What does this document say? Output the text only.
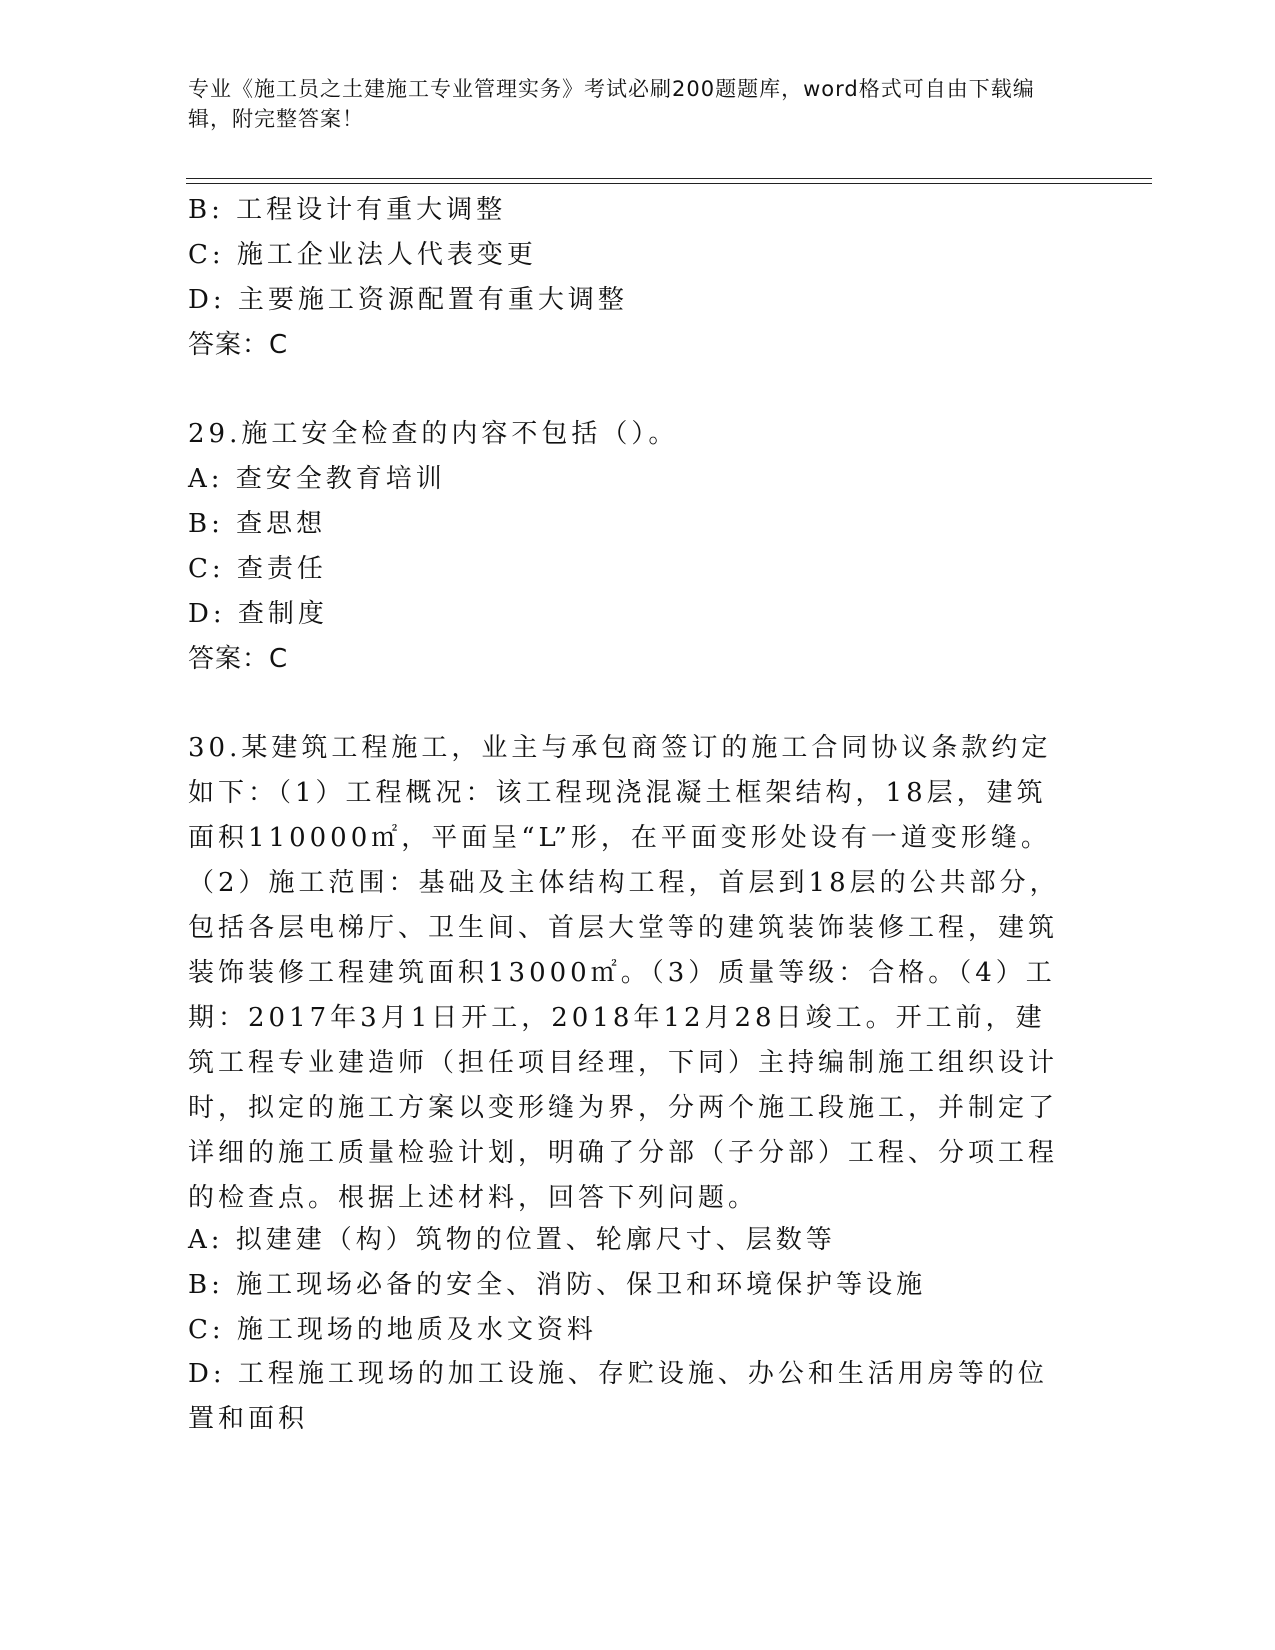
专业《施工员之土建施工专业管理实务》考试必刷200题题库，word格式可自由下载编辑，附完整答案！
B: 工程设计有重大调整
C: 施工企业法人代表变更
D: 主要施工资源配置有重大调整
答案：C
29.施工安全检查的内容不包括（）。
A: 查安全教育培训
B: 查思想
C: 查责任
D: 查制度
答案：C
30.某建筑工程施工，业主与承包商签订的施工合同协议条款约定如下：（1）工程概况：该工程现浇混凝土框架结构，18层，建筑面积110000㎡，平面呈“L”形，在平面变形处设有一道变形缝。（2）施工范围：基础及主体结构工程，首层到18层的公共部分，包括各层电梯厅、卫生间、首层大堂等的建筑装饰装修工程，建筑装饰装修工程建筑面积13000㎡。（3）质量等级：合格。（4）工期：2017年3月1日开工，2018年12月28日竣工。开工前，建筑工程专业建造师（担任项目经理，下同）主持编制施工组织设计时，拟定的施工方案以变形缝为界，分两个施工段施工，并制定了详细的施工质量检验计划，明确了分部（子分部）工程、分项工程的检查点。根据上述材料，回答下列问题。
A: 拟建建（构）筑物的位置、轮廓尺寸、层数等
B: 施工现场必备的安全、消防、保卫和环境保护等设施
C: 施工现场的地质及水文资料
D: 工程施工现场的加工设施、存贮设施、办公和生活用房等的位置和面积
